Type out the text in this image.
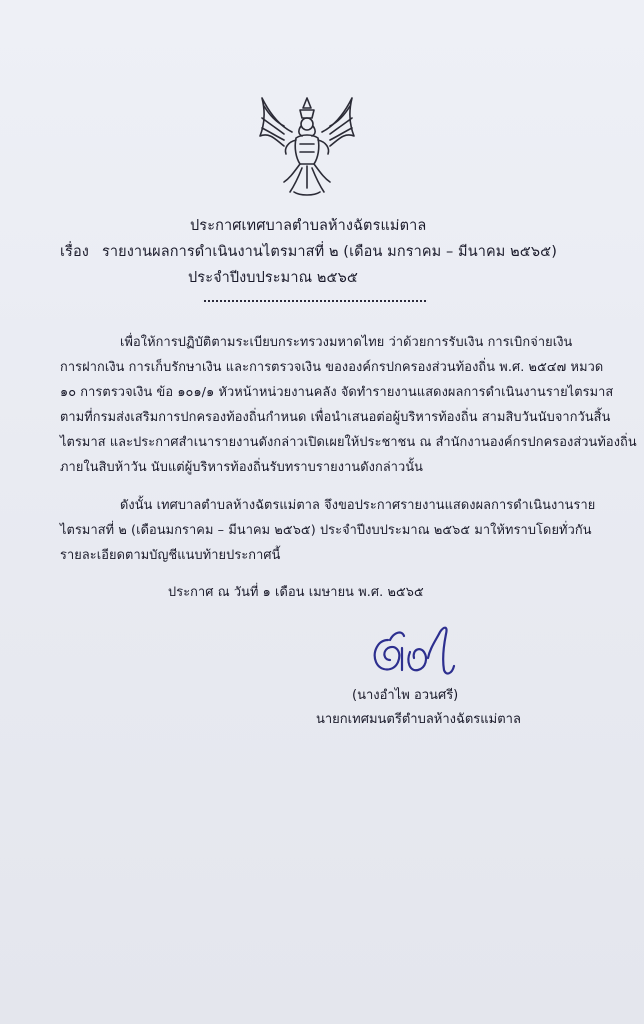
ประกาศเทศบาลตำบลห้างฉัตรแม่ตาล
เรื่อง รายงานผลการดำเนินงานไตรมาสที่ ๒ (เดือน มกราคม – มีนาคม ๒๕๖๕)
ประจำปีงบประมาณ ๒๕๖๕
เพื่อให้การปฏิบัติตามระเบียบกระทรวงมหาดไทย ว่าด้วยการรับเงิน การเบิกจ่ายเงิน
การฝากเงิน การเก็บรักษาเงิน และการตรวจเงิน ขององค์กรปกครองส่วนท้องถิ่น พ.ศ. ๒๕๔๗ หมวด
๑๐ การตรวจเงิน ข้อ ๑๐๑/๑ หัวหน้าหน่วยงานคลัง จัดทำรายงานแสดงผลการดำเนินงานรายไตรมาส
ตามที่กรมส่งเสริมการปกครองท้องถิ่นกำหนด เพื่อนำเสนอต่อผู้บริหารท้องถิ่น สามสิบวันนับจากวันสิ้น
ไตรมาส และประกาศสำเนารายงานดังกล่าวเปิดเผยให้ประชาชน ณ สำนักงานองค์กรปกครองส่วนท้องถิ่น
ภายในสิบห้าวัน นับแต่ผู้บริหารท้องถิ่นรับทราบรายงานดังกล่าวนั้น
ดังนั้น เทศบาลตำบลห้างฉัตรแม่ตาล จึงขอประกาศรายงานแสดงผลการดำเนินงานราย
ไตรมาสที่ ๒ (เดือนมกราคม – มีนาคม ๒๕๖๕) ประจำปีงบประมาณ ๒๕๖๕ มาให้ทราบโดยทั่วกัน
รายละเอียดตามบัญชีแนบท้ายประกาศนี้
ประกาศ ณ วันที่ ๑ เดือน เมษายน พ.ศ. ๒๕๖๕
(นางอำไพ อวนศรี)
นายกเทศมนตรีตำบลห้างฉัตรแม่ตาล
